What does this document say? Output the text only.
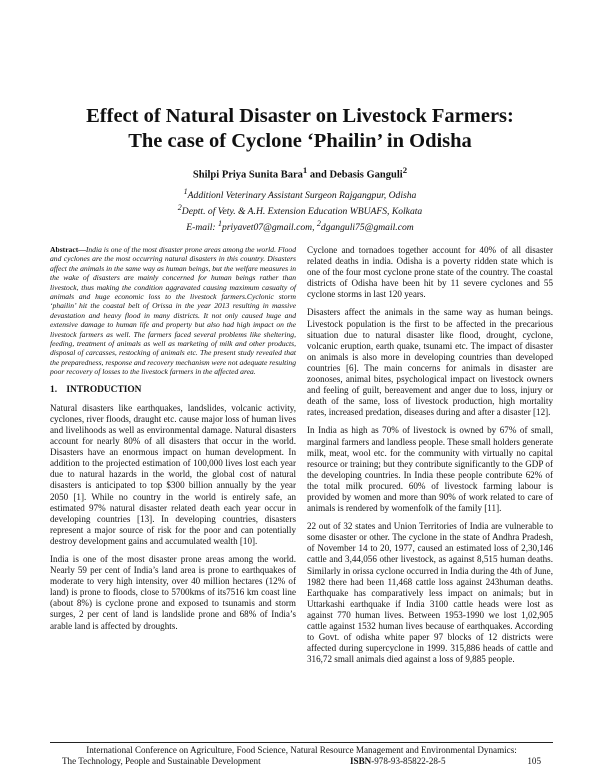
Effect of Natural Disaster on Livestock Farmers:
The case of Cyclone ‘Phailin’ in Odisha
Shilpi Priya Sunita Bara$^1$ and Debasis Ganguli$^2$

$^1$Additionl Veterinary Assistant Surgeon Rajgangpur, Odisha

$^2$Deptt. of Vety. & A.H. Extension Education WBUAFS, Kolkata

E-mail: $^1$priyavet07@gmail.com, $^2$dganguli75@gmail.com

Abstract—India is one of the most disaster prone areas among the world. Flood and cyclones are the most occurring natural disasters in this country. Disasters affect the animals in the same way as human beings, but the welfare measures in the wake of disasters are mainly concerned for human beings rather than livestock, thus making the condition aggravated causing maximum casualty of animals and huge economic loss to the livestock farmers.Cyclonic storm ‘phailin’ hit the coastal belt of Orissa in the year 2013 resulting in massive devastation and heavy flood in many districts. It not only caused huge and extensive damage to human life and property but also had high impact on the livestock farmers as well. The farmers faced several problems like sheltering, feeding, treatment of animals as well as marketing of milk and other products, disposal of carcasses, restocking of animals etc. The present study revealed that the preparedness, response and recovery mechanism were not adequate resulting poor recovery of losses to the livestock farmers in the affected area.

1.    INTRODUCTION

Natural disasters like earthquakes, landslides, volcanic activity, cyclones, river floods, draught etc. cause major loss of human lives and livelihoods as well as environmental damage. Natural disasters account for nearly 80% of all disasters that occur in the world. Disasters have an enormous impact on human development. In addition to the projected estimation of 100,000 lives lost each year due to natural hazards in the world, the global cost of natural disasters is anticipated to top $300 billion annually by the year 2050 [1]. While no country in the world is entirely safe, an estimated 97% natural disaster related death each year occur in developing countries [13]. In developing countries, disasters represent a major source of risk for the poor and can potentially destroy development gains and accumulated wealth [10].

India is one of the most disaster prone areas among the world. Nearly 59 per cent of India’s land area is prone to earthquakes of moderate to very high intensity, over 40 million hectares (12% of land) is prone to floods, close to 5700kms of its7516 km coast line (about 8%) is cyclone prone and exposed to tsunamis and storm surges, 2 per cent of land is landslide prone and 68% of India’s arable land is affected by droughts.

Cyclone and tornadoes together account for 40% of all disaster related deaths in india. Odisha is a poverty ridden state which is one of the four most cyclone prone state of the country. The coastal districts of Odisha have been hit by 11 severe cyclones and 55 cyclone storms in last 120 years.

Disasters affect the animals in the same way as human beings. Livestock population is the first to be affected in the precarious situation due to natural disaster like flood, drought, cyclone, volcanic eruption, earth quake, tsunami etc. The impact of disaster on animals is also more in developing countries than developed countries [6]. The main concerns for animals in disaster are zoonoses, animal bites, psychological impact on livestock owners and feeling of guilt, bereavement and anger due to loss, injury or death of the same, loss of livestock production, high mortality rates, increased predation, diseases during and after a disaster [12].

In India as high as 70% of livestock is owned by 67% of small, marginal farmers and landless people. These small holders generate milk, meat, wool etc. for the community with virtually no capital resource or training; but they contribute significantly to the GDP of the developing countries. In India these people contribute 62% of the total milk procured. 60% of livestock farming labour is provided by women and more than 90% of work related to care of animals is rendered by womenfolk of the family [11].

22 out of 32 states and Union Territories of India are vulnerable to some disaster or other. The cyclone in the state of Andhra Pradesh, of November 14 to 20, 1977, caused an estimated loss of 2,30,146 cattle and 3,44,056 other livestock, as against 8,515 human deaths. Similarly in orissa cyclone occurred in India during the 4th of June, 1982 there had been 11,468 cattle loss against 243human deaths. Earthquake has comparatively less impact on animals; but in Uttarkashi earthquake if India 3100 cattle heads were lost as against 770 human lives. Between 1953-1990 we lost 1,02,905 cattle against 1532 human lives because of earthquakes. According to Govt. of odisha white paper 97 blocks of 12 districts were affected during supercyclone in 1999. 315,886 heads of cattle and 316,72 small animals died against a loss of 9,885 people.

International Conference on Agriculture, Food Science, Natural Resource Management and Environmental Dynamics:
The Technology, People and Sustainable Development	ISBN-978-93-85822-28-5	105
